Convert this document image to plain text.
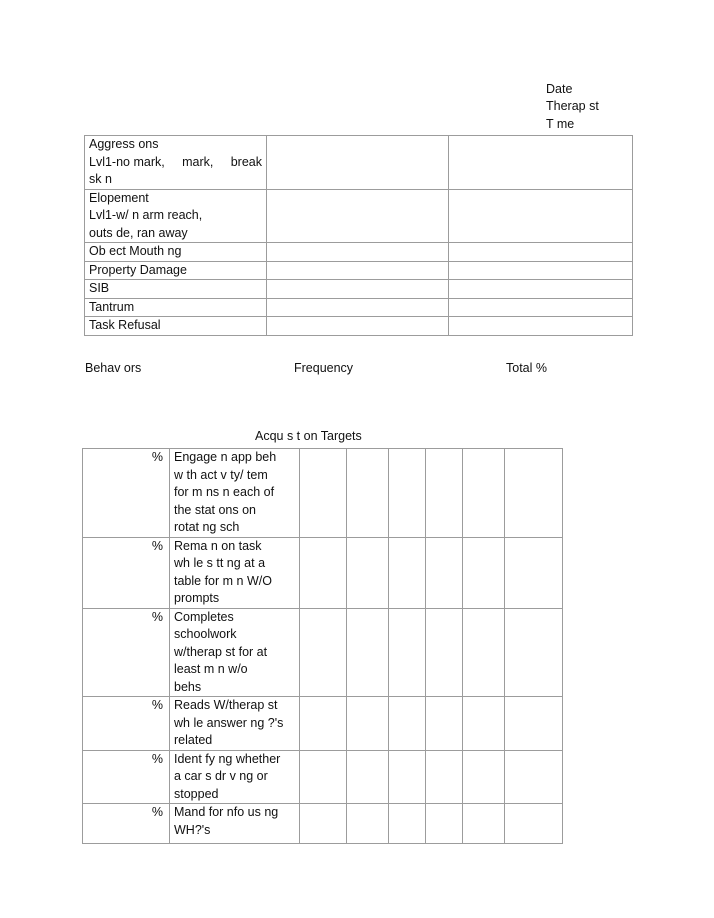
Date
Therap st
T me
Aggress ons
Lvl1-no mark, mark, break
sk n		

Elopement
Lvl1-w/ n arm reach,
outs de, ran away		

Ob ect Mouth ng		
Property Damage		
SIB		
Tantrum		
Task Refusal		
Behav ors	Frequency	Total %
Acqu s t on Targets
%	Engage n app beh
w th act v ty/ tem
for m ns n each of
the stat ons on
rotat ng sch						
%	Rema n on task
wh le s tt ng at a
table for m n W/O
prompts						
%	Completes
schoolwork
w/therap st for at
least m n w/o
behs						
%	Reads W/therap st
wh le answer ng ?'s
related						
%	Ident fy ng whether
a car s dr v ng or
stopped						
%	Mand for nfo us ng
WH?'s						
